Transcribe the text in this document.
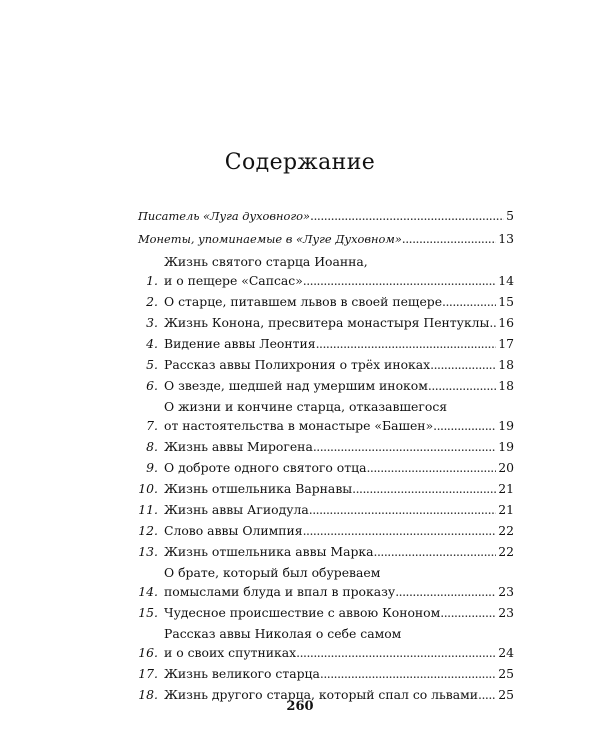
Содержание
Писатель «Луга духовного» .....	5
Монеты, упоминаемые в «Луге Духовном» .....	13
1.
Жизнь святого старца Иоанна,
и о пещере «Сапсас» .....	14
2. О старце, питавшем львов в своей пещере .....	15
3. Жизнь Конона, пресвитера монастыря Пентуклы ..... 16
4. Видение аввы Леонтия .....	17
5. Рассказ аввы Полихрония о трёх иноках .....	18
6. О звезде, шедшей над умершим иноком .....	18
7.
О жизни и кончине старца, отказавшегося
от настоятельства в монастыре «Башен» .....	19
8. Жизнь аввы Мирогена .....	19
9. О доброте одного святого отца .....	20
10. Жизнь отшельника Варнавы .....	21
11. Жизнь аввы Агиодула .....	21
12. Слово аввы Олимпия .....	22
13. Жизнь отшельника аввы Марка .....	22
14.
О брате, который был обуреваем
помыслами блуда и впал в проказу .....	23
15. Чудесное происшествие с аввою Кононом .....	23
16.
Рассказ аввы Николая о себе самом
и о своих спутниках .....	24
17. Жизнь великого старца .....	25
18. Жизнь другого старца, который спал со львами ..... 25
260
